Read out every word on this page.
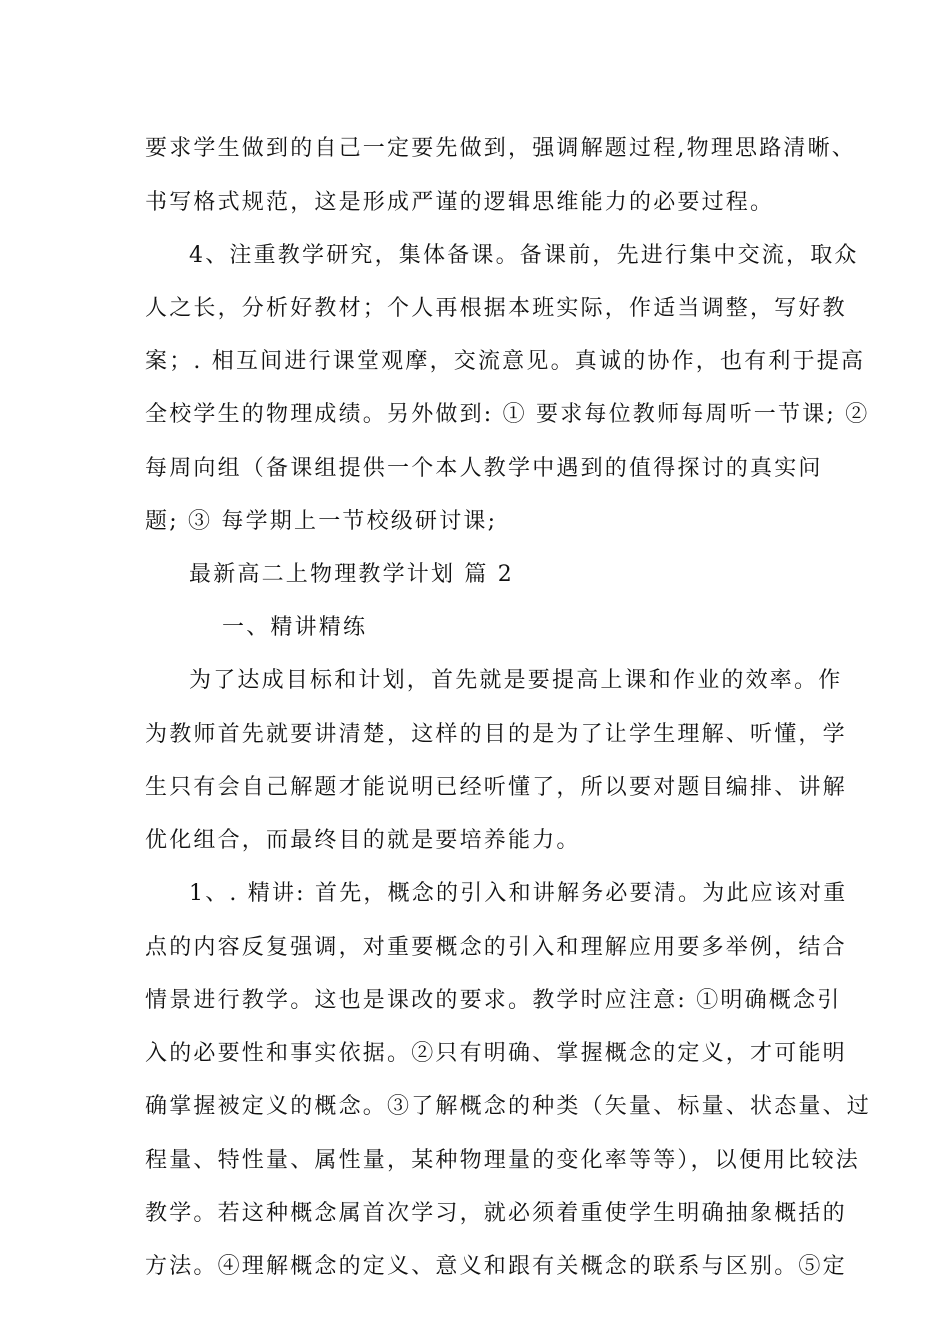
要求学生做到的自己一定要先做到，强调解题过程,物理思路清晰、
书写格式规范，这是形成严谨的逻辑思维能力的必要过程。
4、注重教学研究，集体备课。备课前，先进行集中交流，取众
人之长，分析好教材；个人再根据本班实际，作适当调整，写好教
案；. 相互间进行课堂观摩，交流意见。真诚的协作，也有利于提高
全校学生的物理成绩。另外做到: ① 要求每位教师每周听一节课; ②
每周向组（备课组提供一个本人教学中遇到的值得探讨的真实问
题; ③ 每学期上一节校级研讨课;
最新高二上物理教学计划 篇 2
一、精讲精练
为了达成目标和计划，首先就是要提高上课和作业的效率。作
为教师首先就要讲清楚，这样的目的是为了让学生理解、听懂，学
生只有会自己解题才能说明已经听懂了，所以要对题目编排、讲解
优化组合，而最终目的就是要培养能力。
1、. 精讲: 首先，概念的引入和讲解务必要清。为此应该对重
点的内容反复强调，对重要概念的引入和理解应用要多举例，结合
情景进行教学。这也是课改的要求。教学时应注意: ①明确概念引
入的必要性和事实依据。②只有明确、掌握概念的定义，才可能明
确掌握被定义的概念。③了解概念的种类（矢量、标量、状态量、过
程量、特性量、属性量，某种物理量的变化率等等），以便用比较法
教学。若这种概念属首次学习，就必须着重使学生明确抽象概括的
方法。④理解概念的定义、意义和跟有关概念的联系与区别。⑤定
